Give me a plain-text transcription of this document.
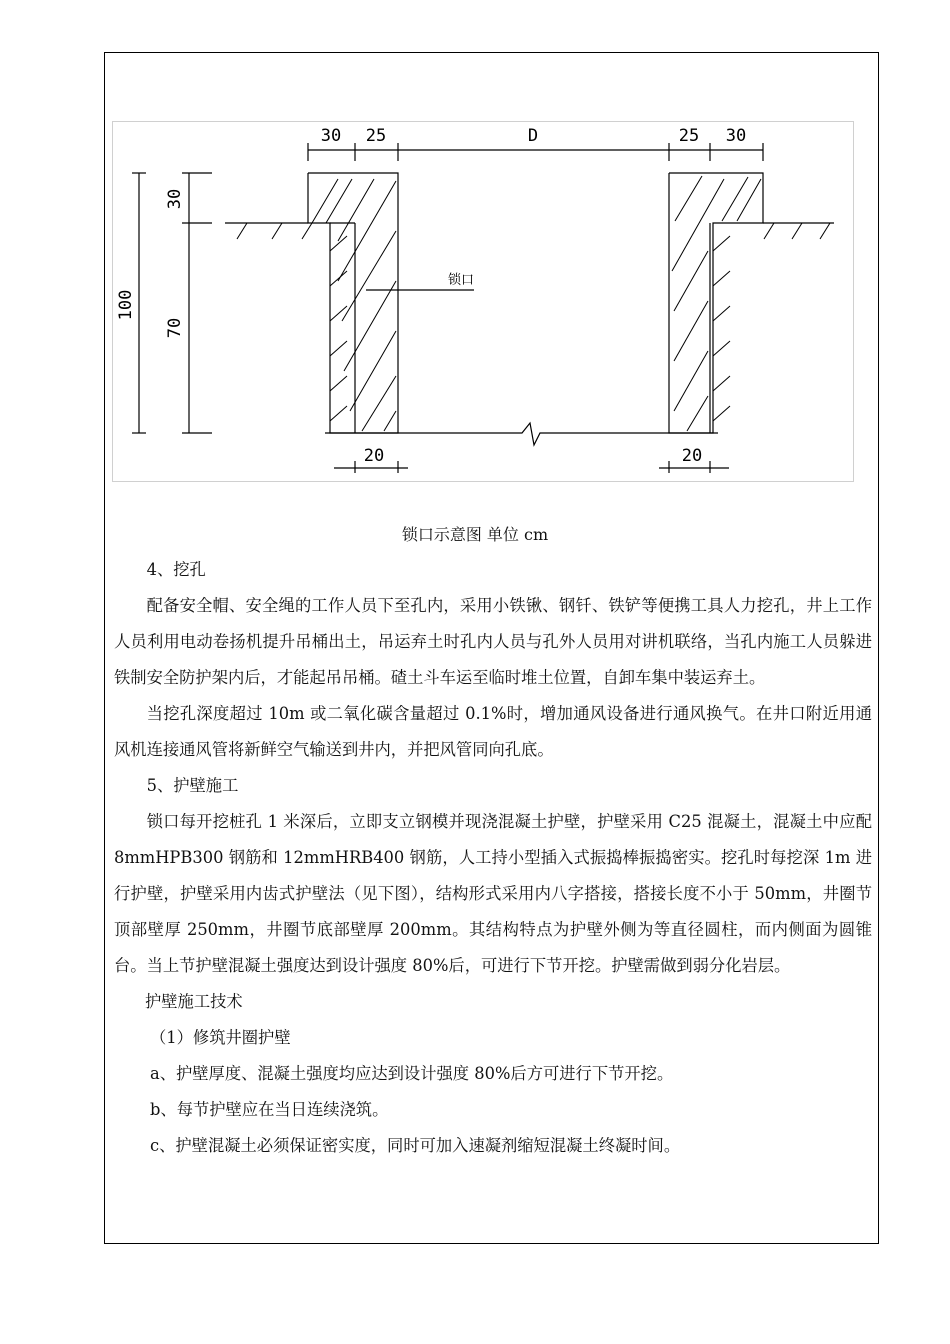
30 25	D	25 30
100
30
70
20	20
锁口
锁口示意图 单位 cm

4、挖孔

配备安全帽、安全绳的工作人员下至孔内，采用小铁锹、钢钎、铁铲等便携工具人力挖孔，井上工作人员利用电动卷扬机提升吊桶出土，吊运弃土时孔内人员与孔外人员用对讲机联络，当孔内施工人员躲进铁制安全防护架内后，才能起吊吊桶。碴土斗车运至临时堆土位置，自卸车集中装运弃土。

当挖孔深度超过 10m 或二氧化碳含量超过 0.1%时，增加通风设备进行通风换气。在井口附近用通风机连接通风管将新鲜空气输送到井内，并把风管同向孔底。

5、护壁施工

锁口每开挖桩孔 1 米深后，立即支立钢模并现浇混凝土护壁，护壁采用 C25 混凝土，混凝土中应配 8mmHPB300 钢筋和 12mmHRB400 钢筋，人工持小型插入式振捣棒振捣密实。挖孔时每挖深 1m 进行护壁，护壁采用内齿式护壁法（见下图），结构形式采用内八字搭接，搭接长度不小于 50mm，井圈节顶部壁厚 250mm，井圈节底部壁厚 200mm。其结构特点为护壁外侧为等直径圆柱，而内侧面为圆锥台。当上节护壁混凝土强度达到设计强度 80%后，可进行下节开挖。护壁需做到弱分化岩层。

护壁施工技术

（1）修筑井圈护壁

a、护壁厚度、混凝土强度均应达到设计强度 80%后方可进行下节开挖。

b、每节护壁应在当日连续浇筑。

c、护壁混凝土必须保证密实度，同时可加入速凝剂缩短混凝土终凝时间。
